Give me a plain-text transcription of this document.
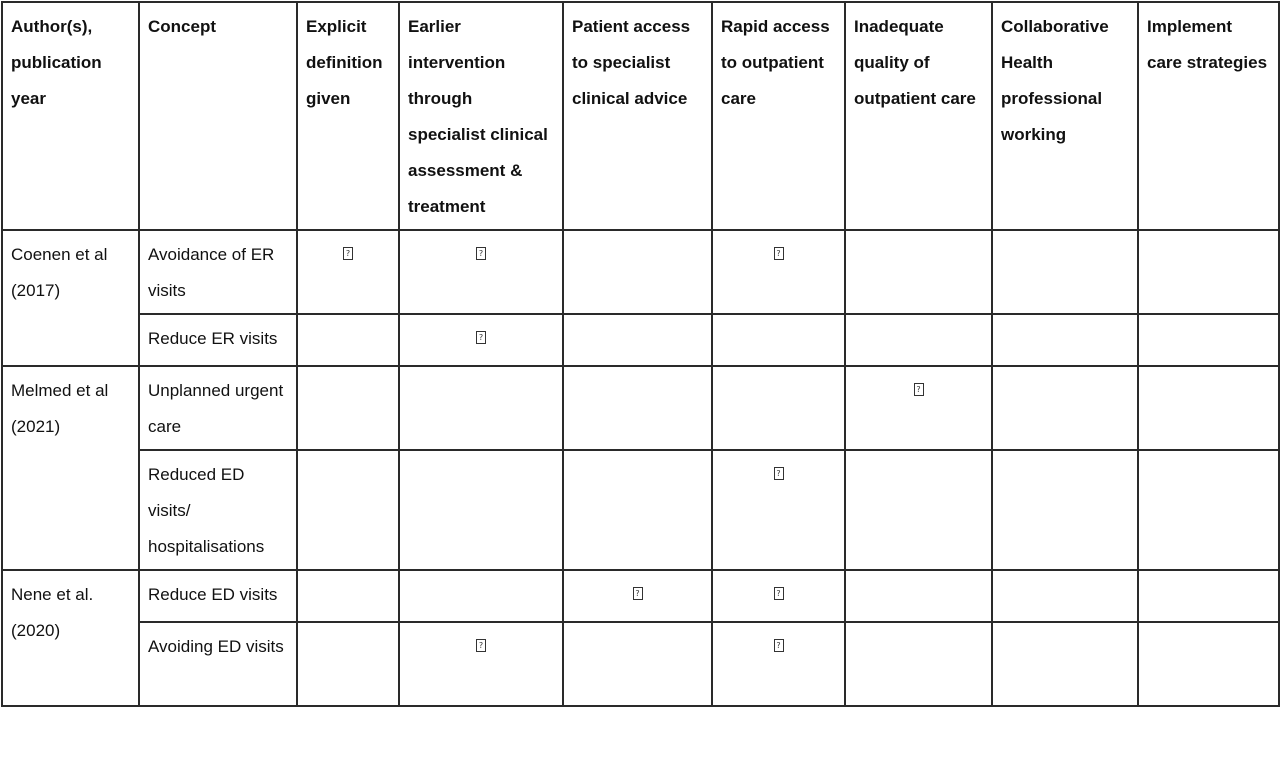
Author(s), publication year	Concept	Explicit definition given	Earlier intervention through specialist clinical assessment & treatment	Patient access to specialist clinical advice	Rapid access to outpatient care	Inadequate quality of outpatient care	Collaborative Health professional working	Implement care strategies
Coenen et al (2017)	Avoidance of ER visits	?	?		?			
	Reduce ER visits		?					
Melmed et al (2021)	Unplanned urgent care					?		
	Reduced ED visits/ hospitalisations				?			
Nene et al. (2020)	Reduce ED visits			?	?			
	Avoiding ED visits		?		?			
